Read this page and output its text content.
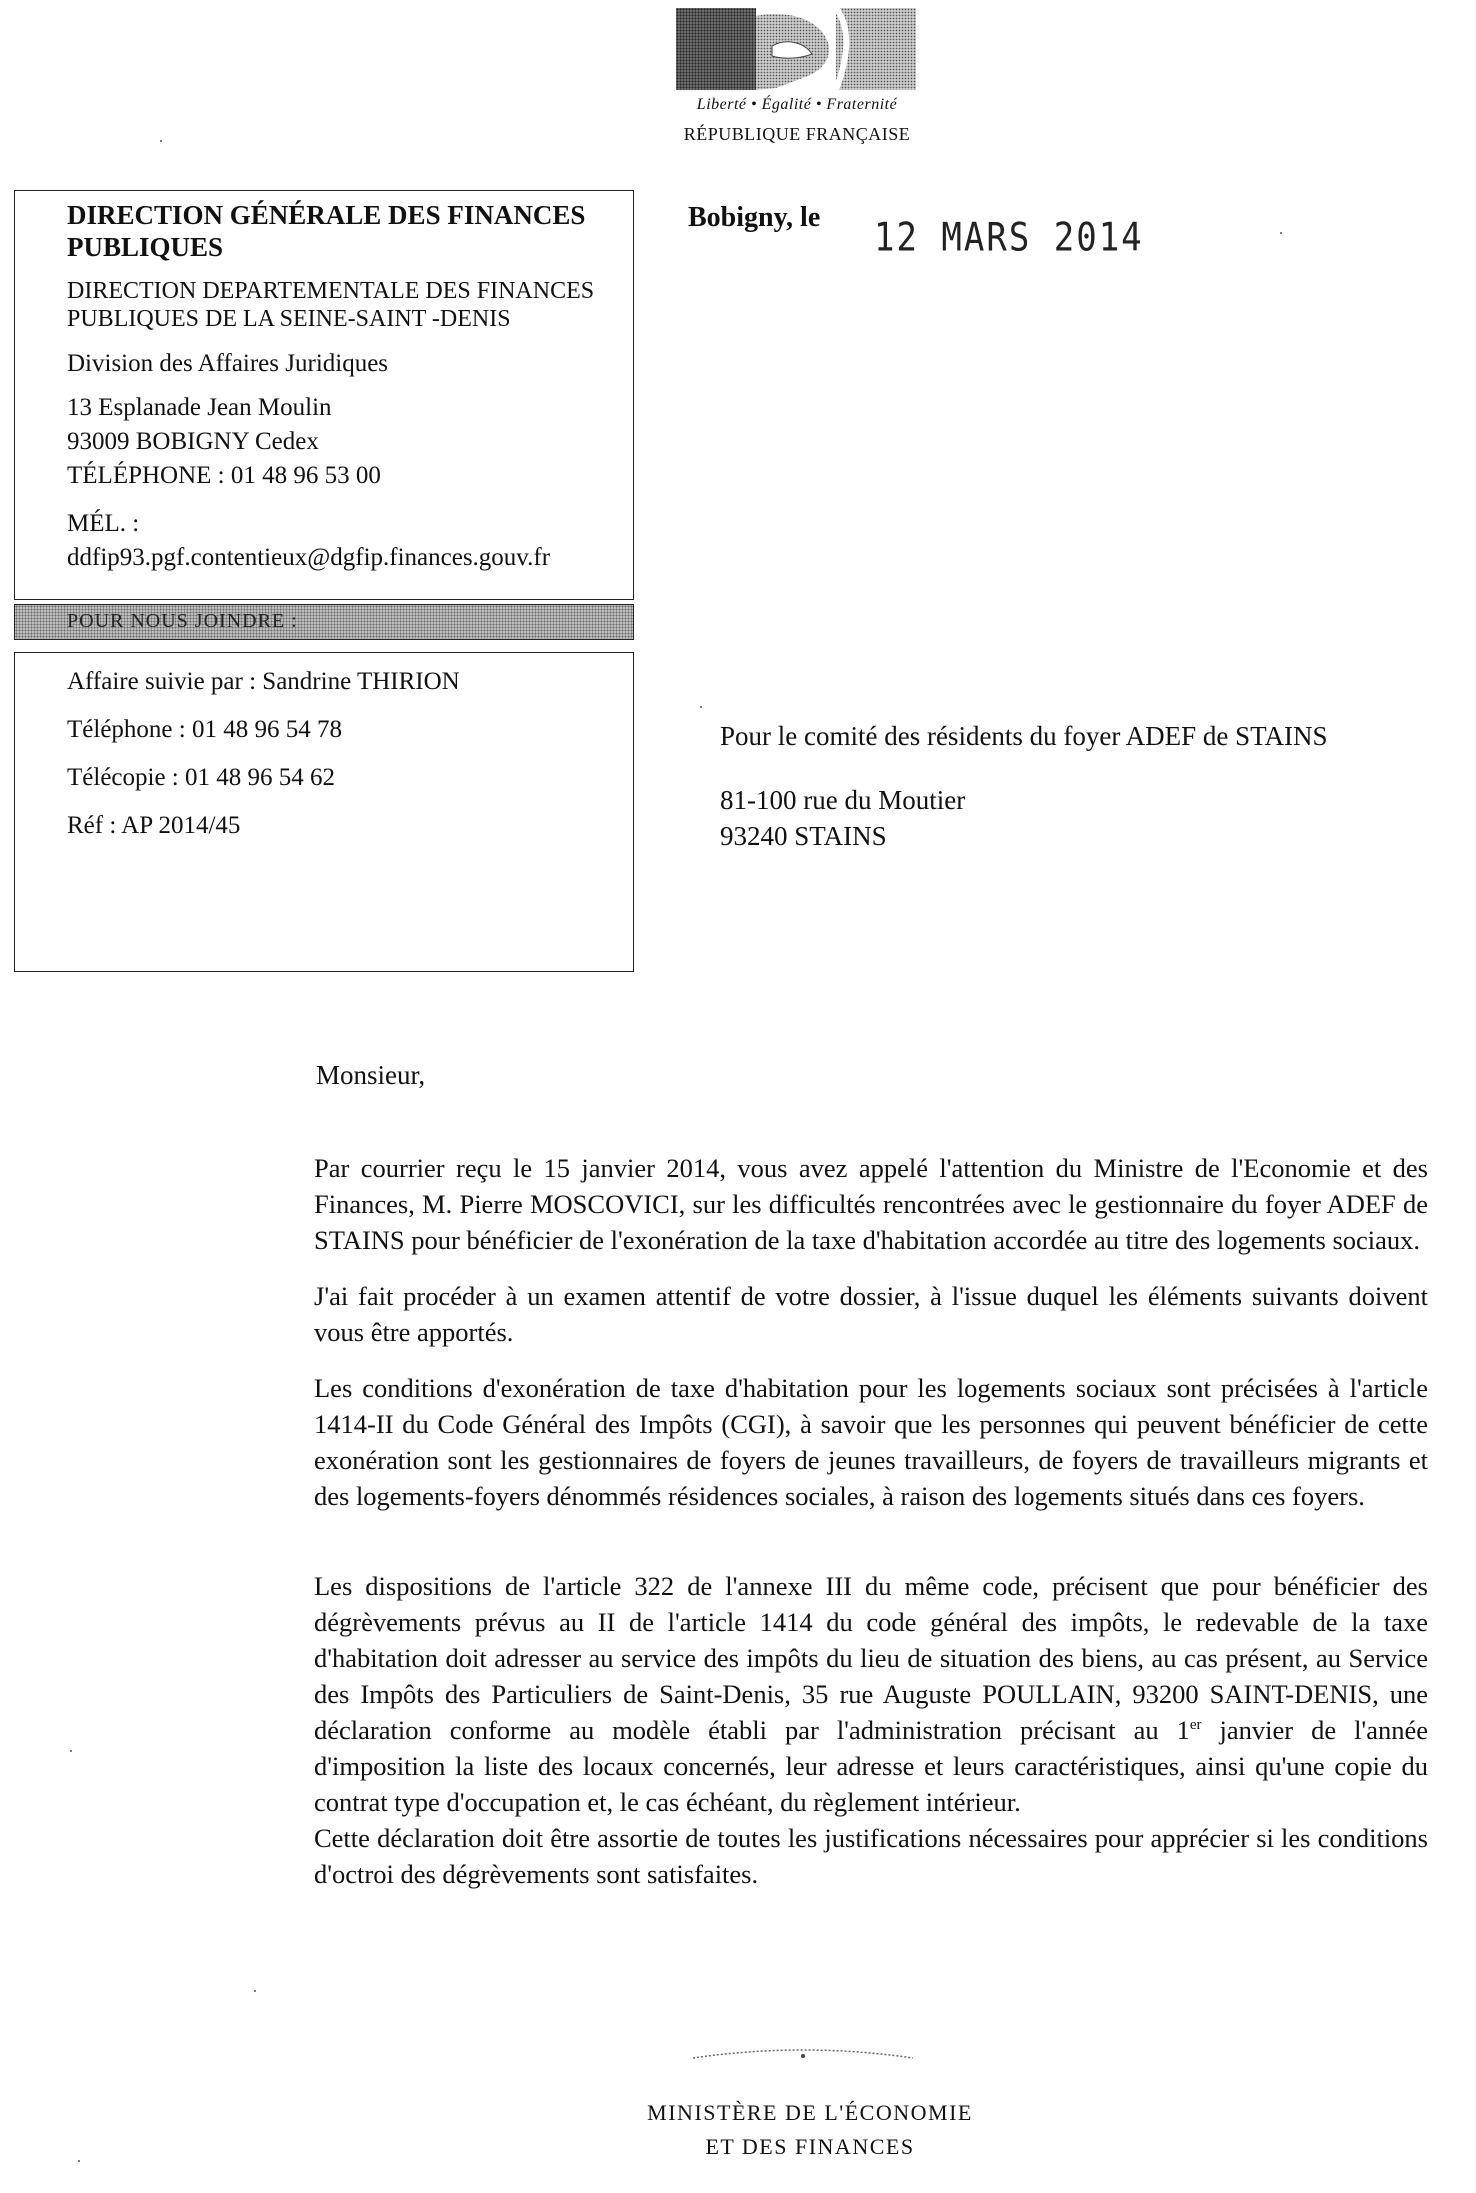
Liberté • Égalité • Fraternité
RÉPUBLIQUE FRANÇAISE
DIRECTION GÉNÉRALE DES FINANCES PUBLIQUES
DIRECTION DEPARTEMENTALE DES FINANCES PUBLIQUES DE LA SEINE-SAINT -DENIS
Division des Affaires Juridiques
13 Esplanade Jean Moulin
93009 BOBIGNY Cedex
TÉLÉPHONE : 01 48 96 53 00
MÉL. :
ddfip93.pgf.contentieux@dgfip.finances.gouv.fr
POUR NOUS JOINDRE :
Affaire suivie par : Sandrine THIRION
Téléphone : 01 48 96 54 78
Télécopie : 01 48 96 54 62
Réf : AP 2014/45
Bobigny, le 12 MARS 2014
Pour le comité des résidents du foyer ADEF de STAINS
81-100 rue du Moutier
93240 STAINS
Monsieur,

Par courrier reçu le 15 janvier 2014, vous avez appelé l'attention du Ministre de l'Economie et des Finances, M. Pierre MOSCOVICI, sur les difficultés rencontrées avec le gestionnaire du foyer ADEF de STAINS pour bénéficier de l'exonération de la taxe d'habitation accordée au titre des logements sociaux.

J'ai fait procéder à un examen attentif de votre dossier, à l'issue duquel les éléments suivants doivent vous être apportés.

Les conditions d'exonération de taxe d'habitation pour les logements sociaux sont précisées à l'article 1414-II du Code Général des Impôts (CGI), à savoir que les personnes qui peuvent bénéficier de cette exonération sont les gestionnaires de foyers de jeunes travailleurs, de foyers de travailleurs migrants et des logements-foyers dénommés résidences sociales, à raison des logements situés dans ces foyers.

Les dispositions de l'article 322 de l'annexe III du même code, précisent que pour bénéficier des dégrèvements prévus au II de l'article 1414 du code général des impôts, le redevable de la taxe d'habitation doit adresser au service des impôts du lieu de situation des biens, au cas présent, au Service des Impôts des Particuliers de Saint-Denis, 35 rue Auguste POULLAIN, 93200 SAINT-DENIS, une déclaration conforme au modèle établi par l'administration précisant au 1er janvier de l'année d'imposition la liste des locaux concernés, leur adresse et leurs caractéristiques, ainsi qu'une copie du contrat type d'occupation et, le cas échéant, du règlement intérieur.

Cette déclaration doit être assortie de toutes les justifications nécessaires pour apprécier si les conditions d'octroi des dégrèvements sont satisfaites.

MINISTÈRE DE L'ÉCONOMIE
ET DES FINANCES
